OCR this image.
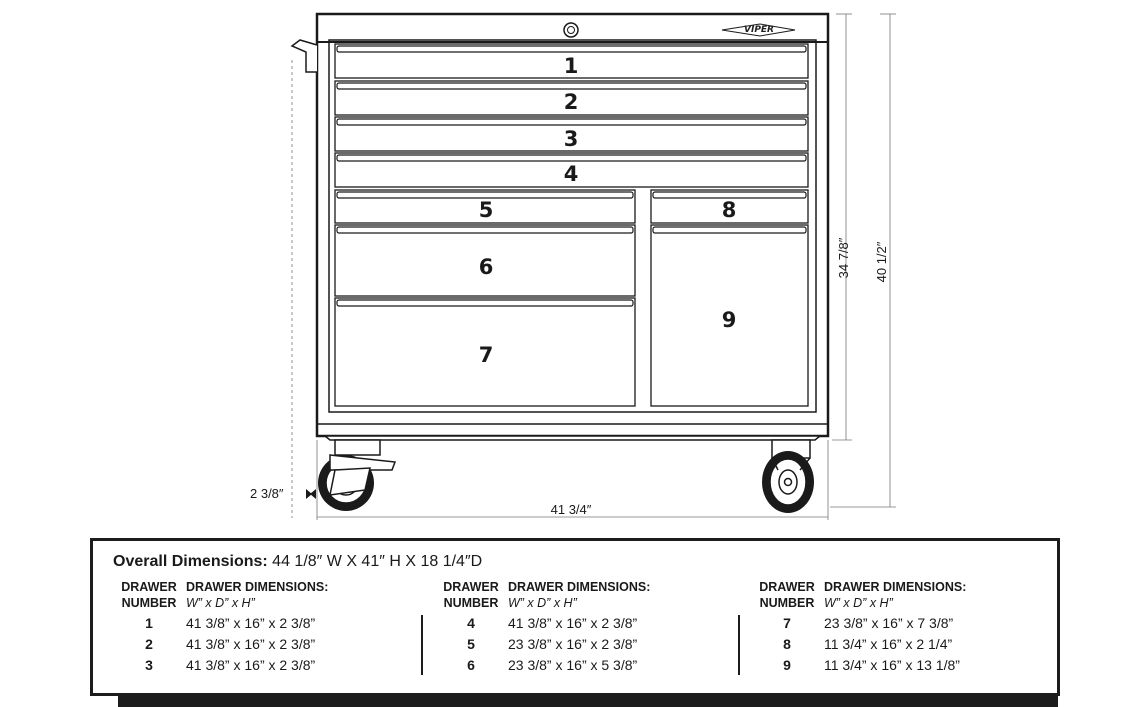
VIPER
1
2
3
4
5
6
7
8
9
41 3/4″
2 3/8″
34 7/8″ 40 1/2″
Overall Dimensions: 44 1/8″ W X 41″ H X 18 1/4″D
DRAWER
NUMBER
DRAWER DIMENSIONS:
W” x D” x H”
1	41 3/8” x 16” x 2 3/8”
2	41 3/8” x 16” x 2 3/8”
3	41 3/8” x 16” x 2 3/8”
DRAWER
NUMBER
DRAWER DIMENSIONS:
W” x D” x H”
4	41 3/8” x 16” x 2 3/8”
5	23 3/8” x 16” x 2 3/8”
6	23 3/8” x 16” x 5 3/8”
DRAWER
NUMBER
DRAWER DIMENSIONS:
W” x D” x H”
7	23 3/8” x 16” x 7 3/8”
8	11 3/4” x 16” x 2 1/4”
9	11 3/4” x 16” x 13 1/8”
